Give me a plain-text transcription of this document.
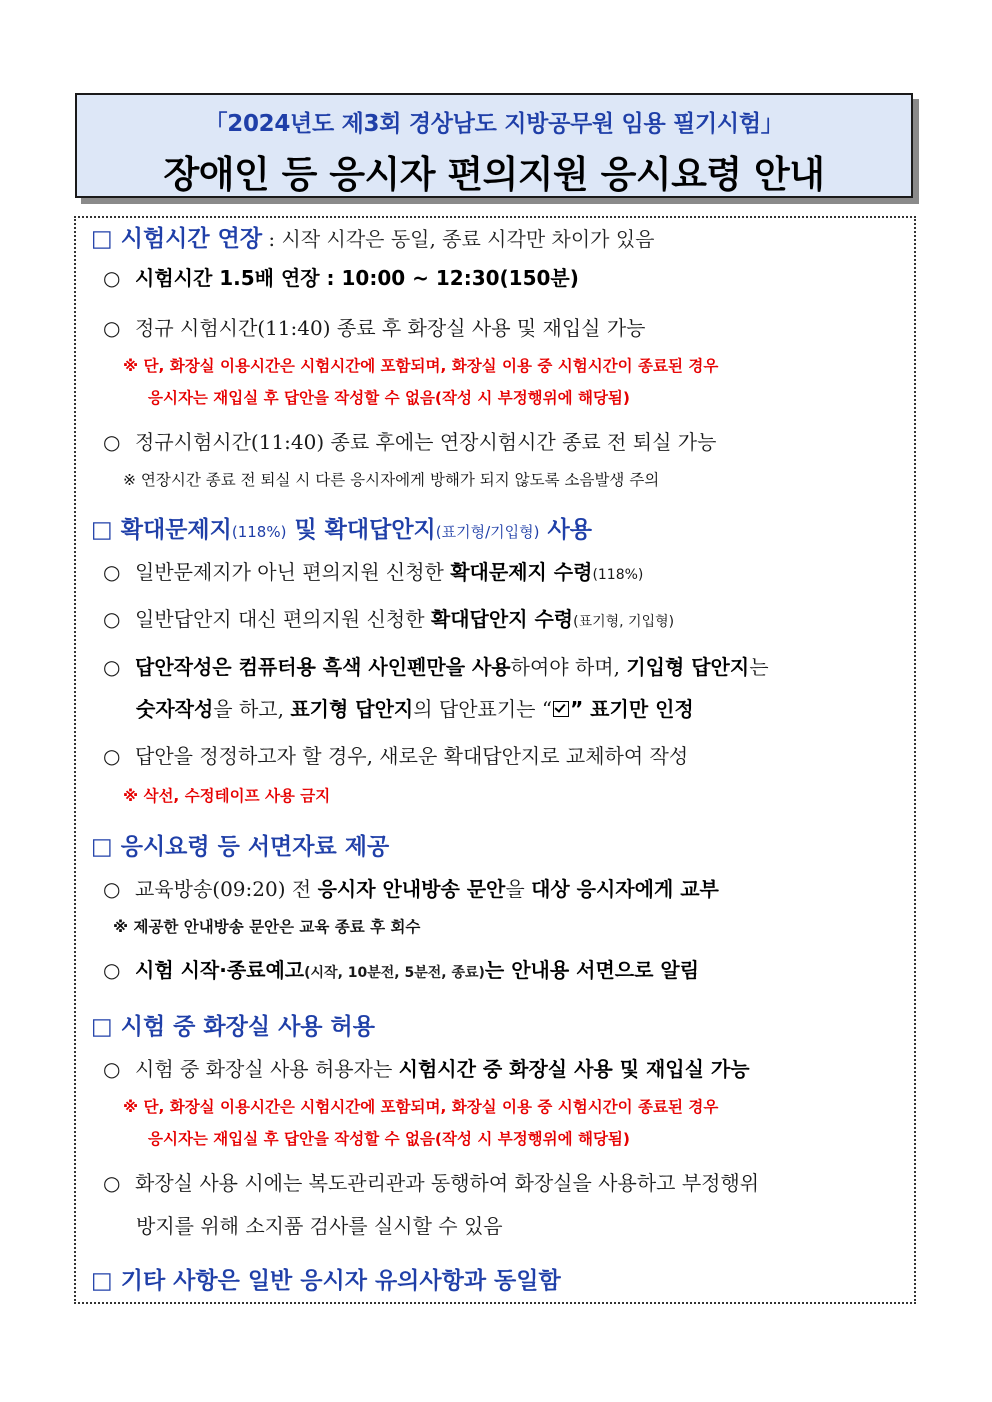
「2024년도 제3회 경상남도 지방공무원 임용 필기시험」
장애인 등 응시자 편의지원 응시요령 안내
□ 시험시간 연장 : 시작 시각은 동일, 종료 시각만 차이가 있음
○ 시험시간 1.5배 연장 : 10:00 ~ 12:30(150분)
○ 정규 시험시간(11:40) 종료 후 화장실 사용 및 재입실 가능
※ 단, 화장실 이용시간은 시험시간에 포함되며, 화장실 이용 중 시험시간이 종료된 경우
응시자는 재입실 후 답안을 작성할 수 없음(작성 시 부정행위에 해당됨)
○ 정규시험시간(11:40) 종료 후에는 연장시험시간 종료 전 퇴실 가능
※ 연장시간 종료 전 퇴실 시 다른 응시자에게 방해가 되지 않도록 소음발생 주의
□ 확대문제지(118%) 및 확대답안지(표기형/기입형) 사용
○ 일반문제지가 아닌 편의지원 신청한 확대문제지 수령(118%)
○ 일반답안지 대신 편의지원 신청한 확대답안지 수령(표기형, 기입형)
○ 답안작성은 컴퓨터용 흑색 사인펜만을 사용하여야 하며, 기입형 답안지는
숫자작성을 하고, 표기형 답안지의 답안표기는 “ ” 표기만 인정
○ 답안을 정정하고자 할 경우, 새로운 확대답안지로 교체하여 작성
※ 삭선, 수정테이프 사용 금지
□ 응시요령 등 서면자료 제공
○ 교육방송(09:20) 전 응시자 안내방송 문안을 대상 응시자에게 교부
※ 제공한 안내방송 문안은 교육 종료 후 회수
○ 시험 시작·종료예고(시작, 10분전, 5분전, 종료)는 안내용 서면으로 알림
□ 시험 중 화장실 사용 허용
○ 시험 중 화장실 사용 허용자는 시험시간 중 화장실 사용 및 재입실 가능
※ 단, 화장실 이용시간은 시험시간에 포함되며, 화장실 이용 중 시험시간이 종료된 경우
응시자는 재입실 후 답안을 작성할 수 없음(작성 시 부정행위에 해당됨)
○ 화장실 사용 시에는 복도관리관과 동행하여 화장실을 사용하고 부정행위
방지를 위해 소지품 검사를 실시할 수 있음
□ 기타 사항은 일반 응시자 유의사항과 동일함
